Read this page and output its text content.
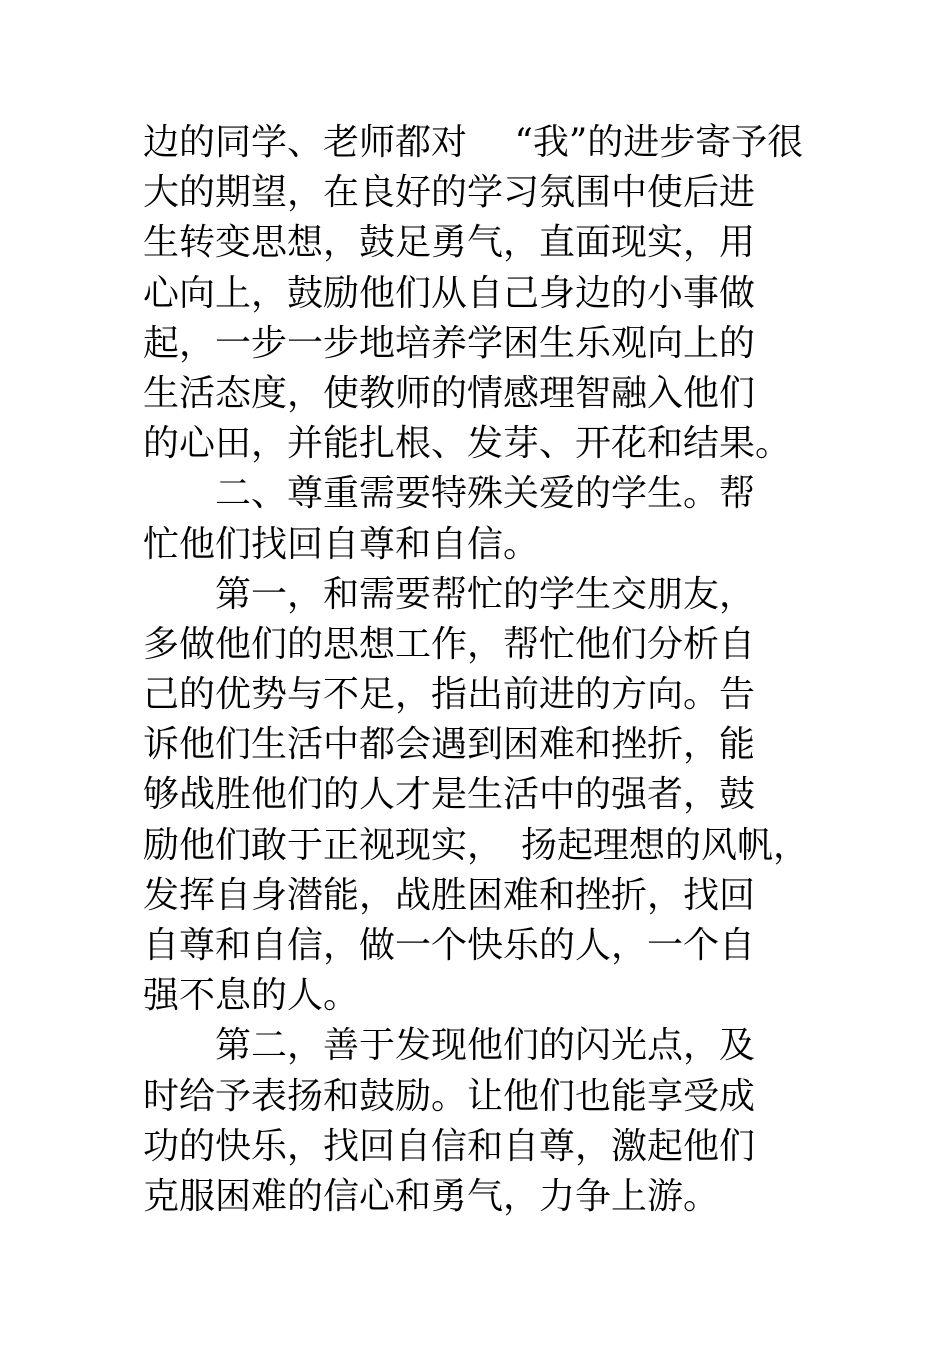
边的同学、老师都对　 “我”的进步寄予很
大的期望，在良好的学习氛围中使后进
生转变思想，鼓足勇气，直面现实，用
心向上，鼓励他们从自己身边的小事做
起，一步一步地培养学困生乐观向上的
生活态度，使教师的情感理智融入他们
的心田，并能扎根、发芽、开花和结果。
　　二、尊重需要特殊关爱的学生。帮
忙他们找回自尊和自信。
　　第一，和需要帮忙的学生交朋友，
多做他们的思想工作，帮忙他们分析自
己的优势与不足，指出前进的方向。告
诉他们生活中都会遇到困难和挫折，能
够战胜他们的人才是生活中的强者，鼓
励他们敢于正视现实，　扬起理想的风帆，
发挥自身潜能，战胜困难和挫折，找回
自尊和自信，做一个快乐的人，一个自
强不息的人。
　　第二，善于发现他们的闪光点，及
时给予表扬和鼓励。让他们也能享受成
功的快乐，找回自信和自尊，激起他们
克服困难的信心和勇气，力争上游。
